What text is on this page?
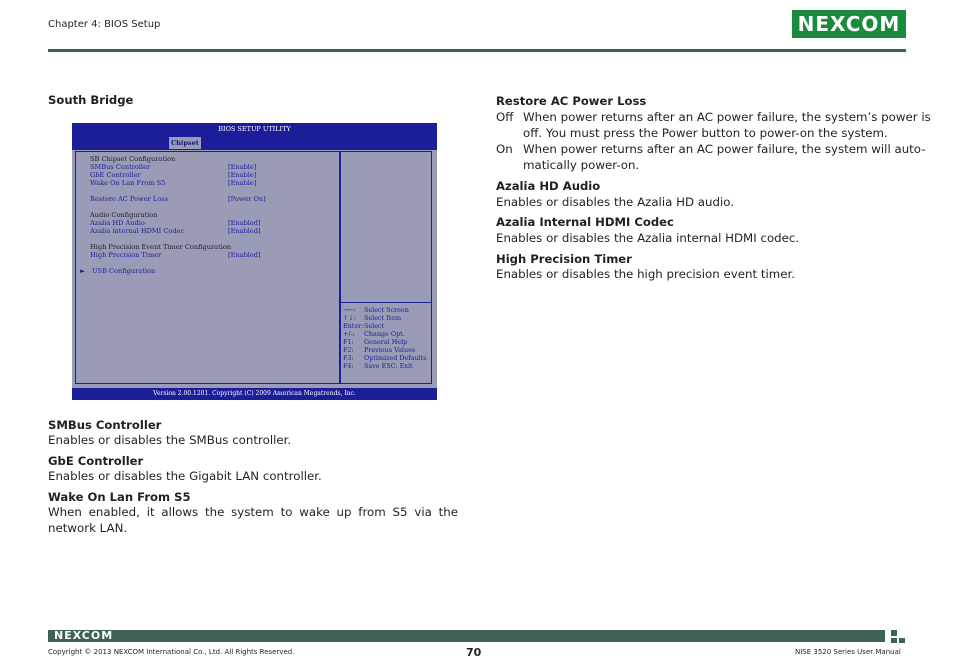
Chapter 4: BIOS Setup	NEXCOM
South Bridge
BIOS SETUP UTILITY
Chipset
SB Chipset Configuration
SMBus Controller	[Enable]
GbE Controller	[Enable]
Wake On Lan From S5	[Enable]
Restore AC Power Loss	[Power On]
Audio Configuration
Azalia HD Audio	[Enabled]
Azalia internal HDMI Codec	[Enabled]
High Precision Event Timer Configuration
High Precision Timer	[Enabled]
► USB Configuration
→←: Select Screen
↑↓: Select Item
Enter: Select
+/-: Change Opt.
F1: General Help
F2: Previous Values
F3: Optimized Defaults
F4: Save ESC: Exit
Version 2.00.1201. Copyright (C) 2009 American Megatrends, Inc.
SMBus Controller
Enables or disables the SMBus controller.
GbE Controller
Enables or disables the Gigabit LAN controller.
Wake On Lan From S5
When enabled, it allows the system to wake up from S5 via the network LAN.
Restore AC Power Loss
Off When power returns after an AC power failure, the system’s power is
off. You must press the Power button to power-on the system.
On When power returns after an AC power failure, the system will auto-
matically power-on.
Azalia HD Audio
Enables or disables the Azalia HD audio.
Azalia Internal HDMI Codec
Enables or disables the Azalia internal HDMI codec.
High Precision Timer
Enables or disables the high precision event timer.
NEXCOM
Copyright © 2013 NEXCOM International Co., Ltd. All Rights Reserved.	70	NISE 3520 Series User Manual
